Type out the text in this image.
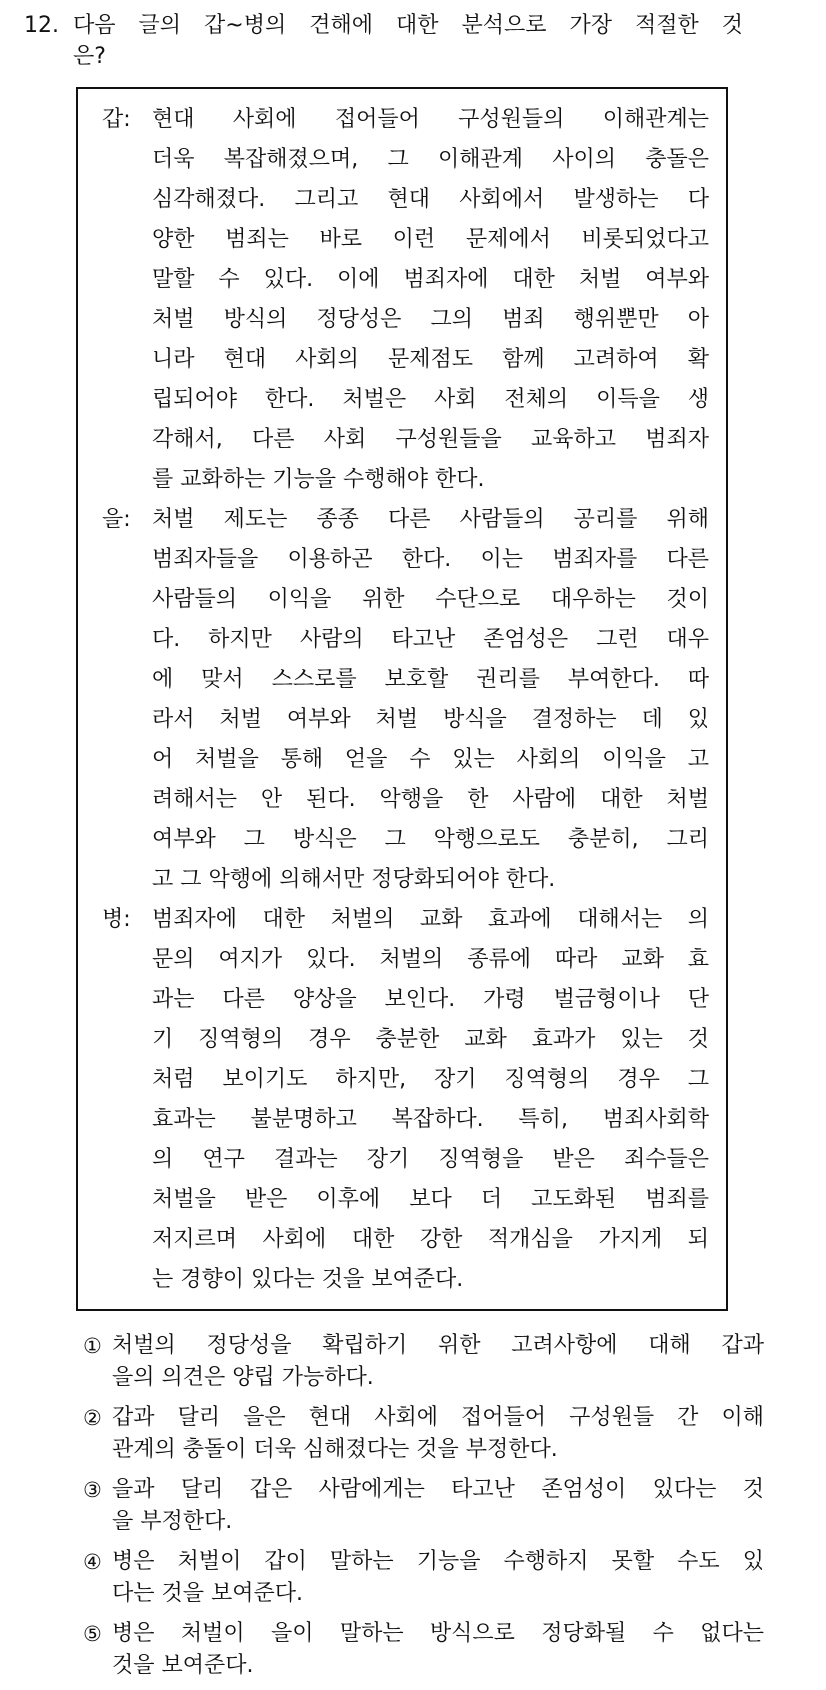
12. 다음 글의 갑~병의 견해에 대한 분석으로 가장 적절한 것
은?
갑: 현대 사회에 접어들어 구성원들의 이해관계는
더욱 복잡해졌으며, 그 이해관계 사이의 충돌은
심각해졌다. 그리고 현대 사회에서 발생하는 다
양한 범죄는 바로 이런 문제에서 비롯되었다고
말할 수 있다. 이에 범죄자에 대한 처벌 여부와
처벌 방식의 정당성은 그의 범죄 행위뿐만 아
니라 현대 사회의 문제점도 함께 고려하여 확
립되어야 한다. 처벌은 사회 전체의 이득을 생
각해서, 다른 사회 구성원들을 교육하고 범죄자
를 교화하는 기능을 수행해야 한다.
을: 처벌 제도는 종종 다른 사람들의 공리를 위해
범죄자들을 이용하곤 한다. 이는 범죄자를 다른
사람들의 이익을 위한 수단으로 대우하는 것이
다. 하지만 사람의 타고난 존엄성은 그런 대우
에 맞서 스스로를 보호할 권리를 부여한다. 따
라서 처벌 여부와 처벌 방식을 결정하는 데 있
어 처벌을 통해 얻을 수 있는 사회의 이익을 고
려해서는 안 된다. 악행을 한 사람에 대한 처벌
여부와 그 방식은 그 악행으로도 충분히, 그리
고 그 악행에 의해서만 정당화되어야 한다.
병: 범죄자에 대한 처벌의 교화 효과에 대해서는 의
문의 여지가 있다. 처벌의 종류에 따라 교화 효
과는 다른 양상을 보인다. 가령 벌금형이나 단
기 징역형의 경우 충분한 교화 효과가 있는 것
처럼 보이기도 하지만, 장기 징역형의 경우 그
효과는 불분명하고 복잡하다. 특히, 범죄사회학
의 연구 결과는 장기 징역형을 받은 죄수들은
처벌을 받은 이후에 보다 더 고도화된 범죄를
저지르며 사회에 대한 강한 적개심을 가지게 되
는 경향이 있다는 것을 보여준다.
① 처벌의 정당성을 확립하기 위한 고려사항에 대해 갑과
을의 의견은 양립 가능하다.
② 갑과 달리 을은 현대 사회에 접어들어 구성원들 간 이해
관계의 충돌이 더욱 심해졌다는 것을 부정한다.
③ 을과 달리 갑은 사람에게는 타고난 존엄성이 있다는 것
을 부정한다.
④ 병은 처벌이 갑이 말하는 기능을 수행하지 못할 수도 있
다는 것을 보여준다.
⑤ 병은 처벌이 을이 말하는 방식으로 정당화될 수 없다는
것을 보여준다.
